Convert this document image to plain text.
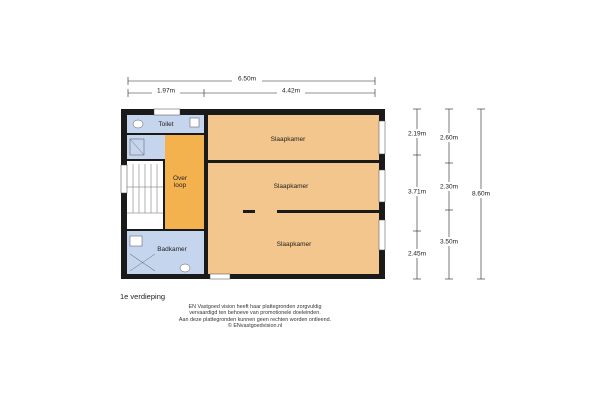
6.50m
1.97m	4.42m
Toilet
Over
loop
Badkamer
Slaapkamer
Slaapkamer
Slaapkamer
2.19m
3.71m
2.45m
2.60m
2.30m
3.50m
8.60m
1e verdieping
EN Vastgoed vision heeft haar plattegronden zorgvuldig
vervaardigd ten behoeve van promotionele doeleinden.
Aan deze plattegronden kunnen geen rechten worden ontleend.
© ENvastgoedvision.nl
